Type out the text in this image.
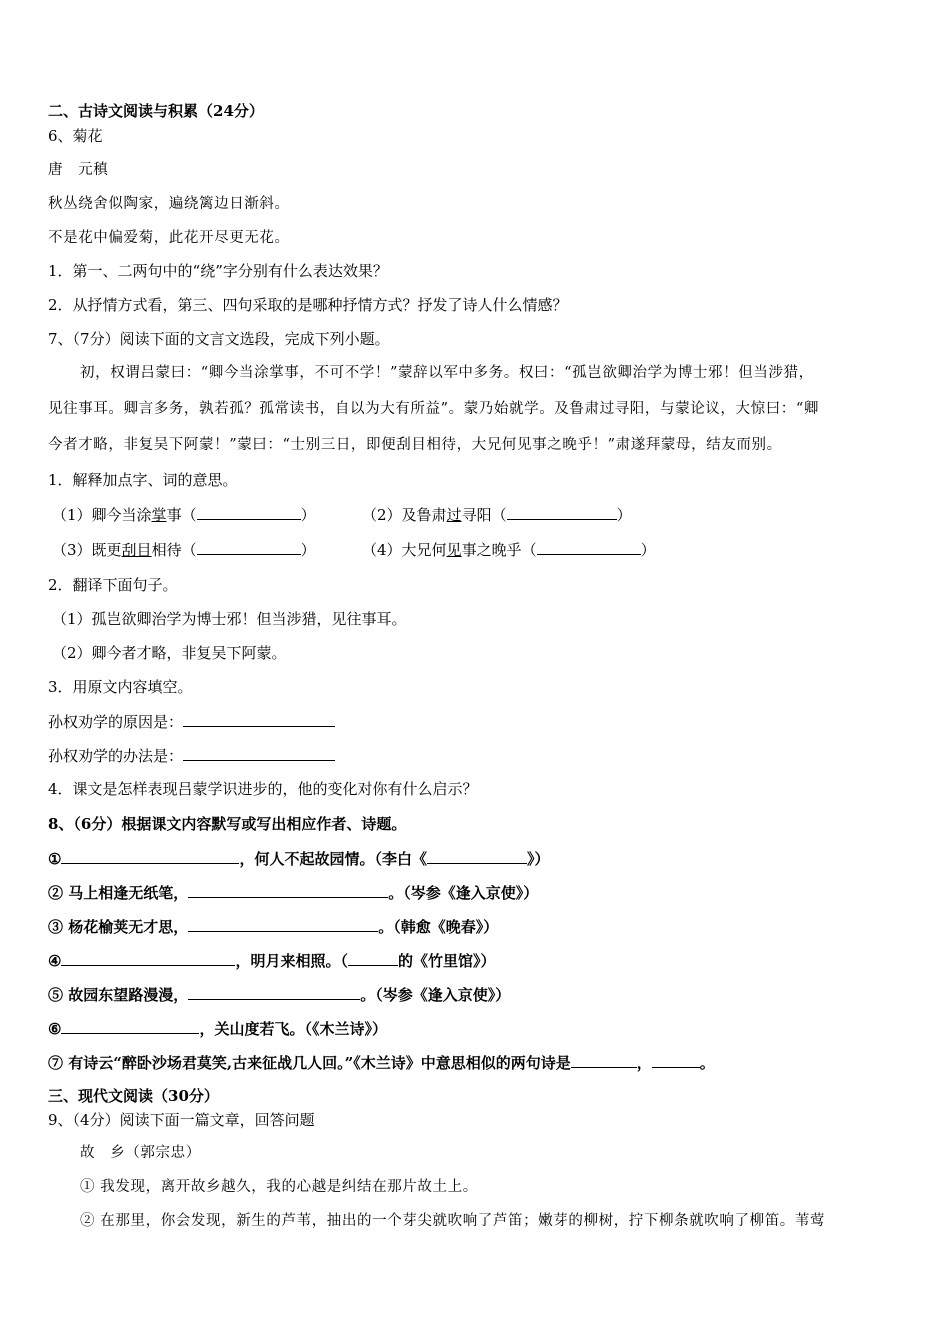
二、古诗文阅读与积累（24分）
6、菊花
唐　元稹
秋丛绕舍似陶家，遍绕篱边日渐斜。
不是花中偏爱菊，此花开尽更无花。
1．第一、二两句中的“绕”字分别有什么表达效果？
2．从抒情方式看，第三、四句采取的是哪种抒情方式？抒发了诗人什么情感？
7、（7分）阅读下面的文言文选段，完成下列小题。
初，权谓吕蒙曰：“卿今当涂掌事，不可不学！”蒙辞以军中多务。权曰：“孤岂欲卿治学为博士邪！但当涉猎，
见往事耳。卿言多务，孰若孤？孤常读书，自以为大有所益”。蒙乃始就学。及鲁肃过寻阳，与蒙论议，大惊曰：“卿
今者才略，非复吴下阿蒙！”蒙曰：“士别三日，即便刮目相待，大兄何见事之晚乎！”肃遂拜蒙母，结友而别。
1．解释加点字、词的意思。
（1）卿今当涂掌事（	）	（2）及鲁肃过寻阳（	）
（3）既更刮目相待（	）	（4）大兄何见事之晚乎（	）
2．翻译下面句子。
（1）孤岂欲卿治学为博士邪！但当涉猎，见往事耳。
（2）卿今者才略，非复吴下阿蒙。
3．用原文内容填空。
孙权劝学的原因是：
孙权劝学的办法是：
4．课文是怎样表现吕蒙学识进步的，他的变化对你有什么启示？
8、（6分）根据课文内容默写或写出相应作者、诗题。
①	，何人不起故园情。（李白《	》）
② 马上相逢无纸笔，	。（岑参《逢入京使》）
③ 杨花榆荚无才思，	。（韩愈《晚春》）
④	，明月来相照。（	的《竹里馆》）
⑤ 故园东望路漫漫，	。（岑参《逢入京使》）
⑥	，关山度若飞。（《木兰诗》）
⑦ 有诗云“醉卧沙场君莫笑,古来征战几人回。”《木兰诗》中意思相似的两句诗是	，	。
三、现代文阅读（30分）
9、（4分）阅读下面一篇文章，回答问题
故　乡（郭宗忠）
① 我发现，离开故乡越久，我的心越是纠结在那片故土上。
② 在那里，你会发现，新生的芦苇，抽出的一个芽尖就吹响了芦笛；嫩芽的柳树，拧下柳条就吹响了柳笛。苇莺
